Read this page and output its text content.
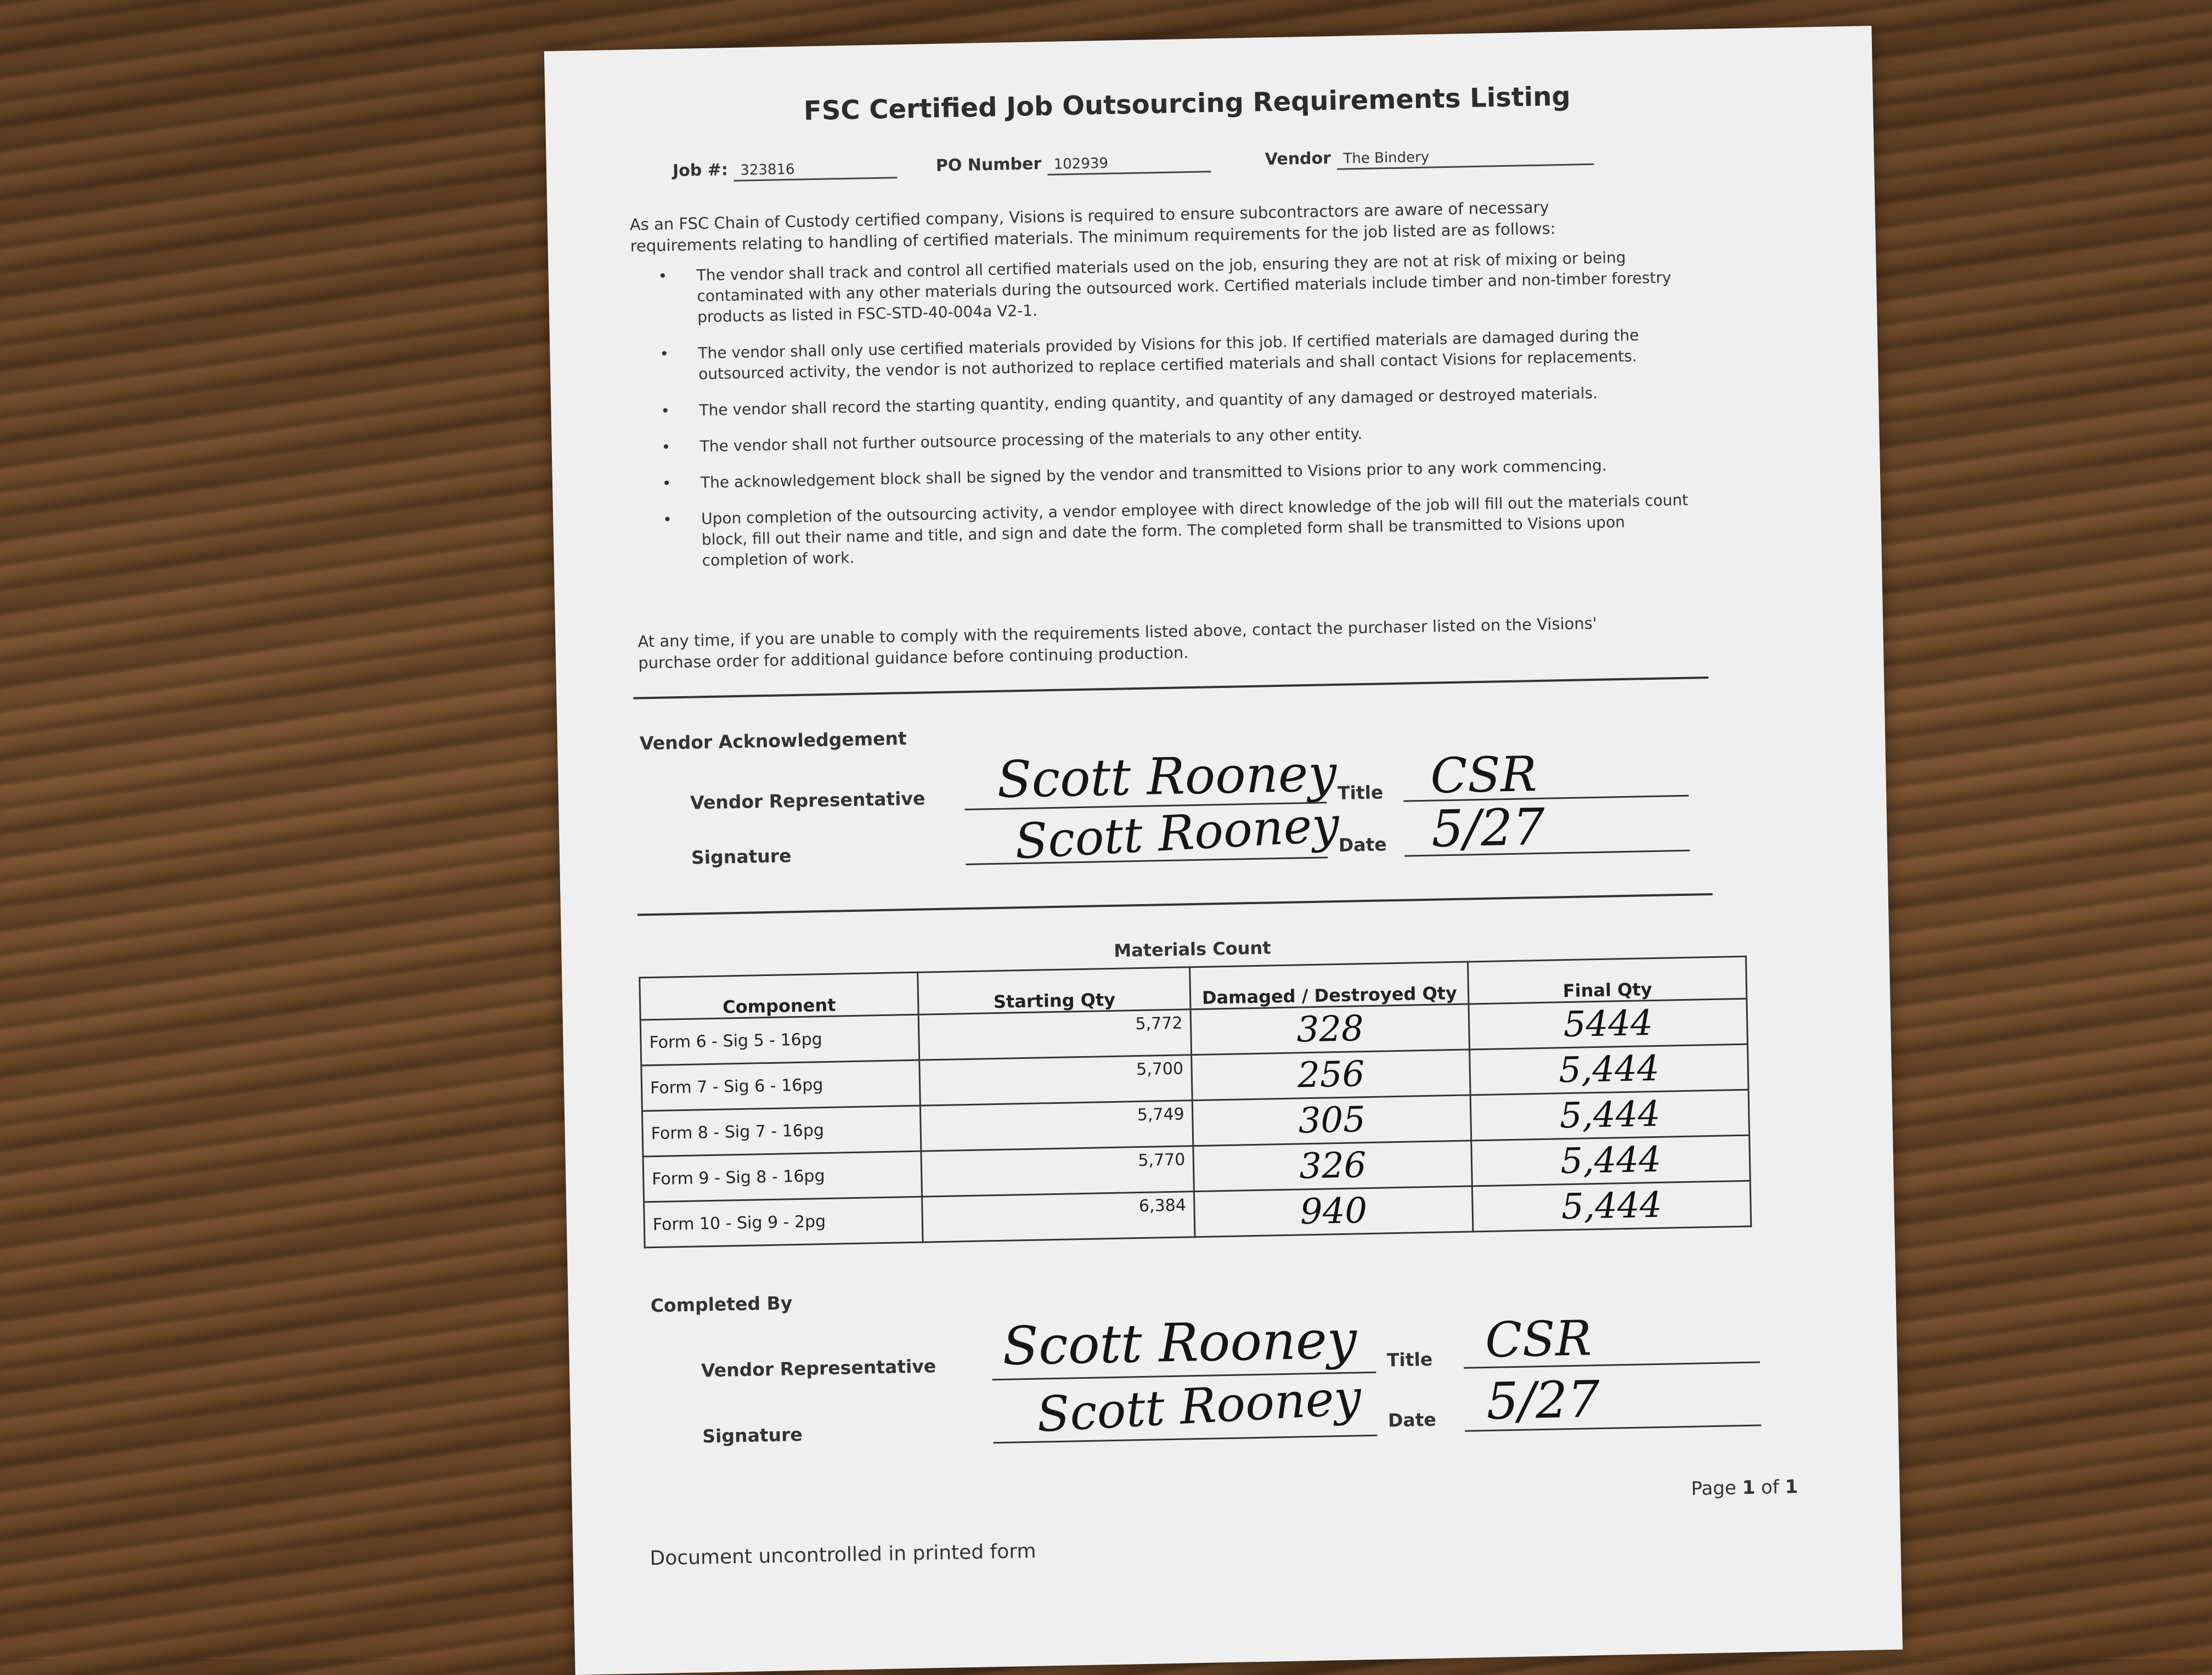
FSC Certified Job Outsourcing Requirements Listing
Job #: 323816	PO Number 102939	Vendor The Bindery
As an FSC Chain of Custody certified company, Visions is required to ensure subcontractors are aware of necessary requirements relating to handling of certified materials. The minimum requirements for the job listed are as follows:
• The vendor shall track and control all certified materials used on the job, ensuring they are not at risk of mixing or being contaminated with any other materials during the outsourced work. Certified materials include timber and non-timber forestry products as listed in FSC-STD-40-004a V2-1.
• The vendor shall only use certified materials provided by Visions for this job. If certified materials are damaged during the outsourced activity, the vendor is not authorized to replace certified materials and shall contact Visions for replacements.
• The vendor shall record the starting quantity, ending quantity, and quantity of any damaged or destroyed materials.
• The vendor shall not further outsource processing of the materials to any other entity.
• The acknowledgement block shall be signed by the vendor and transmitted to Visions prior to any work commencing.
• Upon completion of the outsourcing activity, a vendor employee with direct knowledge of the job will fill out the materials count block, fill out their name and title, and sign and date the form. The completed form shall be transmitted to Visions upon completion of work.
At any time, if you are unable to comply with the requirements listed above, contact the purchaser listed on the Visions' purchase order for additional guidance before continuing production.
Vendor Acknowledgement
Vendor Representative Scott Rooney Title CSR
Signature	Scott Rooney
Date 5/27
Materials Count
Component	Starting Qty	Damaged / Destroyed Qty	Final Qty
Form 6 - Sig 5 - 16pg	5,772	328	5444
Form 7 - Sig 6 - 16pg	5,700	256	5,444
Form 8 - Sig 7 - 16pg	5,749	305	5,444
Form 9 - Sig 8 - 16pg	5,770	326	5,444
Form 10 - Sig 9 - 2pg	6,384	940	5,444
Completed By
Vendor Representative Scott Rooney Title CSR
Signature	Scott Rooney Date 5/27
Document uncontrolled in printed form
Page 1 of 1
